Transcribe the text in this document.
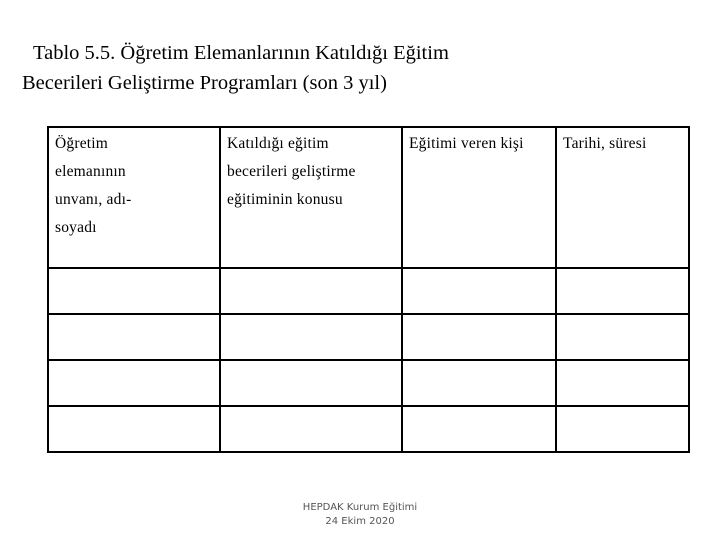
Tablo 5.5. Öğretim Elemanlarının Katıldığı Eğitim
Becerileri Geliştirme Programları (son 3 yıl)
Öğretim elemanının unvanı, adı-soyadı	Katıldığı eğitim becerileri geliştirme eğitiminin konusu	Eğitimi veren kişi	Tarihi, süresi

HEPDAK Kurum Eğitimi
24 Ekim 2020
